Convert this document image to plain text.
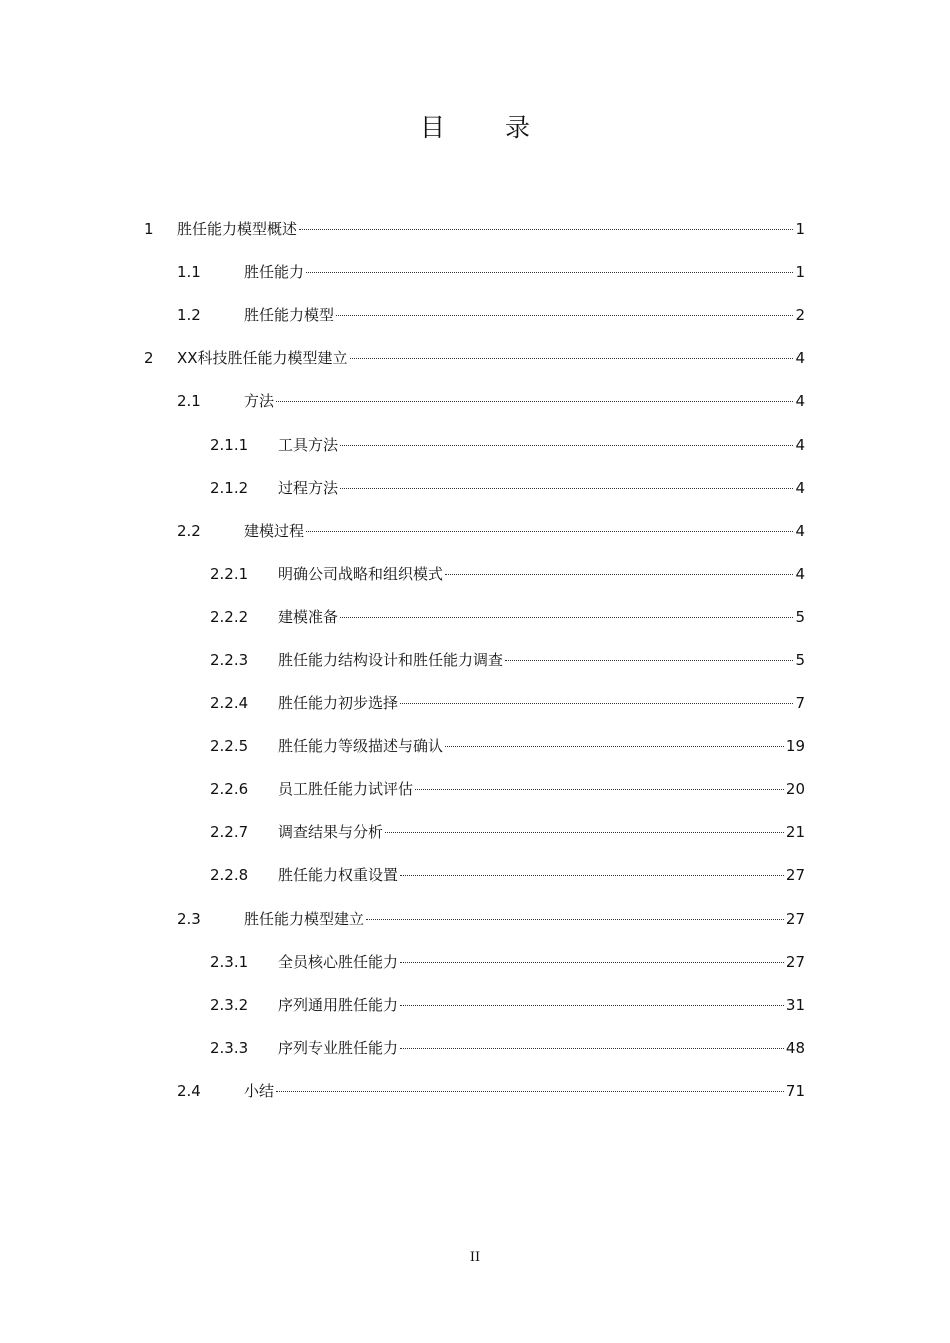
目 录
1 胜任能力模型概述	1
1.1	胜任能力	1
1.2	胜任能力模型	2
2 XX科技胜任能力模型建立	4
2.1	方法	4
2.1.1 工具方法	4
2.1.2 过程方法	4
2.2	建模过程	4
2.2.1 明确公司战略和组织模式	4
2.2.2 建模准备	5
2.2.3 胜任能力结构设计和胜任能力调查	5
2.2.4 胜任能力初步选择	7
2.2.5 胜任能力等级描述与确认	19
2.2.6 员工胜任能力试评估	20
2.2.7 调查结果与分析	21
2.2.8 胜任能力权重设置	27
2.3	胜任能力模型建立	27
2.3.1 全员核心胜任能力	27
2.3.2 序列通用胜任能力	31
2.3.3 序列专业胜任能力	48
2.4	小结	71
II
